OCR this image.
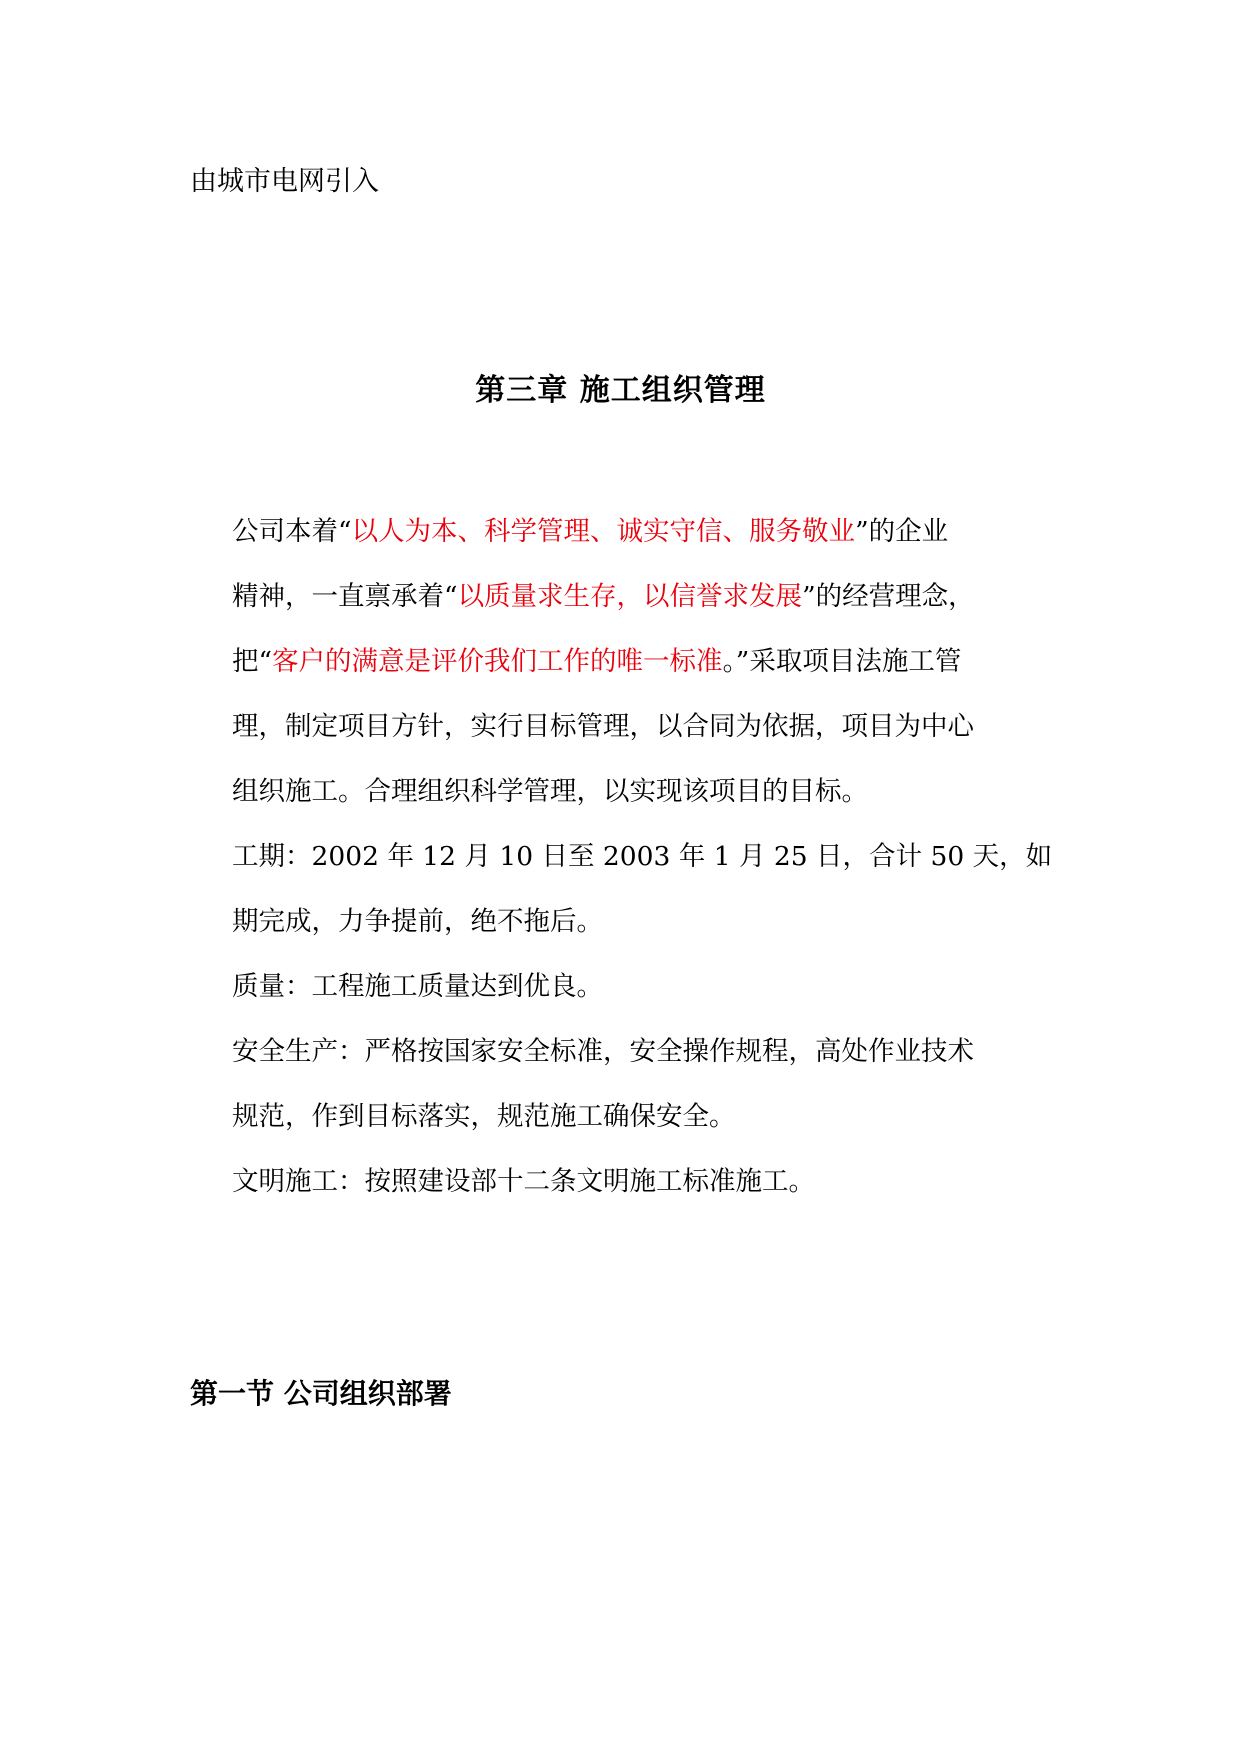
由城市电网引入
第三章 施工组织管理
公司本着“以人为本、科学管理、诚实守信、服务敬业”的企业
精神，一直禀承着“以质量求生存，以信誉求发展”的经营理念，
把“客户的满意是评价我们工作的唯一标准。”采取项目法施工管
理，制定项目方针，实行目标管理，以合同为依据，项目为中心
组织施工。合理组织科学管理，以实现该项目的目标。
工期：2002 年 12 月 10 日至 2003 年 1 月 25 日，合计 50 天，如
期完成，力争提前，绝不拖后。
质量：工程施工质量达到优良。
安全生产：严格按国家安全标准，安全操作规程，高处作业技术
规范，作到目标落实，规范施工确保安全。
文明施工：按照建设部十二条文明施工标准施工。
第一节 公司组织部署
